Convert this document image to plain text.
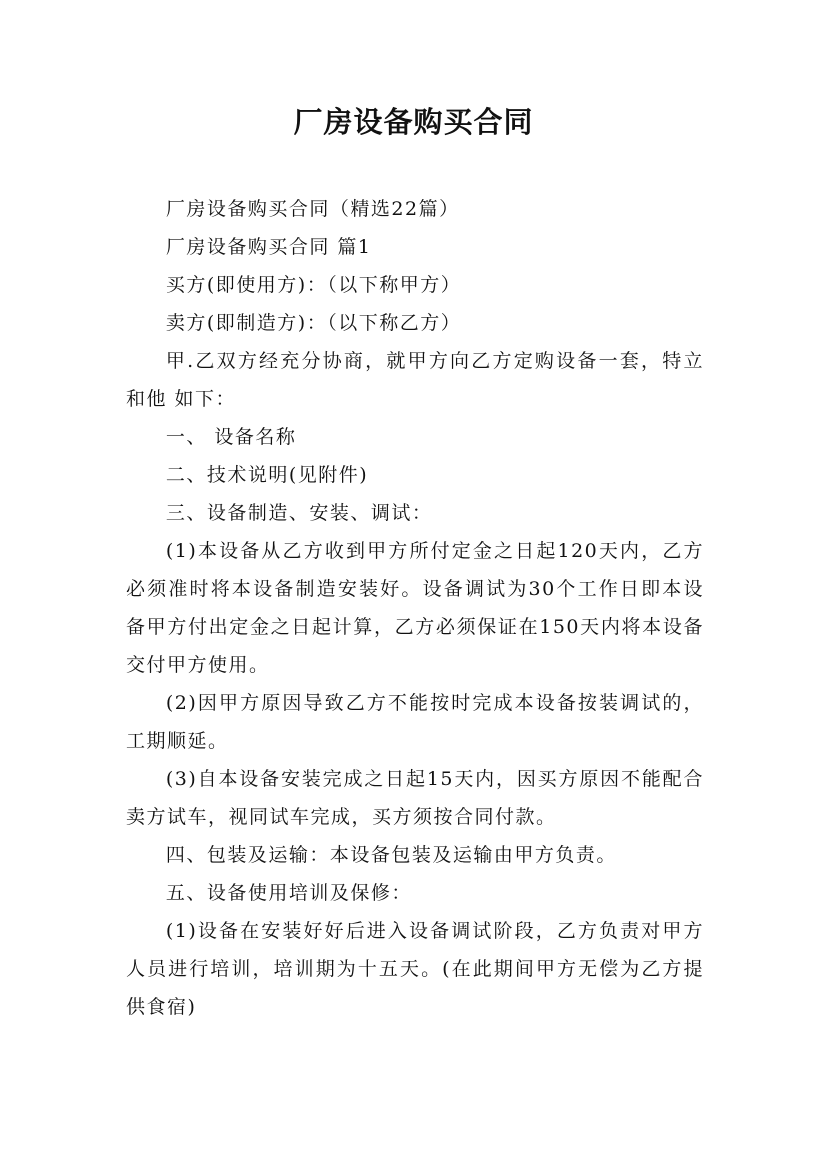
厂房设备购买合同

厂房设备购买合同（精选22篇）

厂房设备购买合同 篇1

买方(即使用方)：（以下称甲方）

卖方(即制造方)：（以下称乙方）

甲.乙双方经充分协商，就甲方向乙方定购设备一套，特立和他 如下：

一、 设备名称

二、技术说明(见附件)

三、设备制造、安装、调试：

(1)本设备从乙方收到甲方所付定金之日起120天内，乙方必须准时将本设备制造安装好。设备调试为30个工作日即本设备甲方付出定金之日起计算，乙方必须保证在150天内将本设备交付甲方使用。

(2)因甲方原因导致乙方不能按时完成本设备按装调试的，工期顺延。

(3)自本设备安装完成之日起15天内，因买方原因不能配合卖方试车，视同试车完成，买方须按合同付款。

四、包装及运输：本设备包装及运输由甲方负责。

五、设备使用培训及保修：

(1)设备在安装好好后进入设备调试阶段，乙方负责对甲方人员进行培训，培训期为十五天。(在此期间甲方无偿为乙方提供食宿)
